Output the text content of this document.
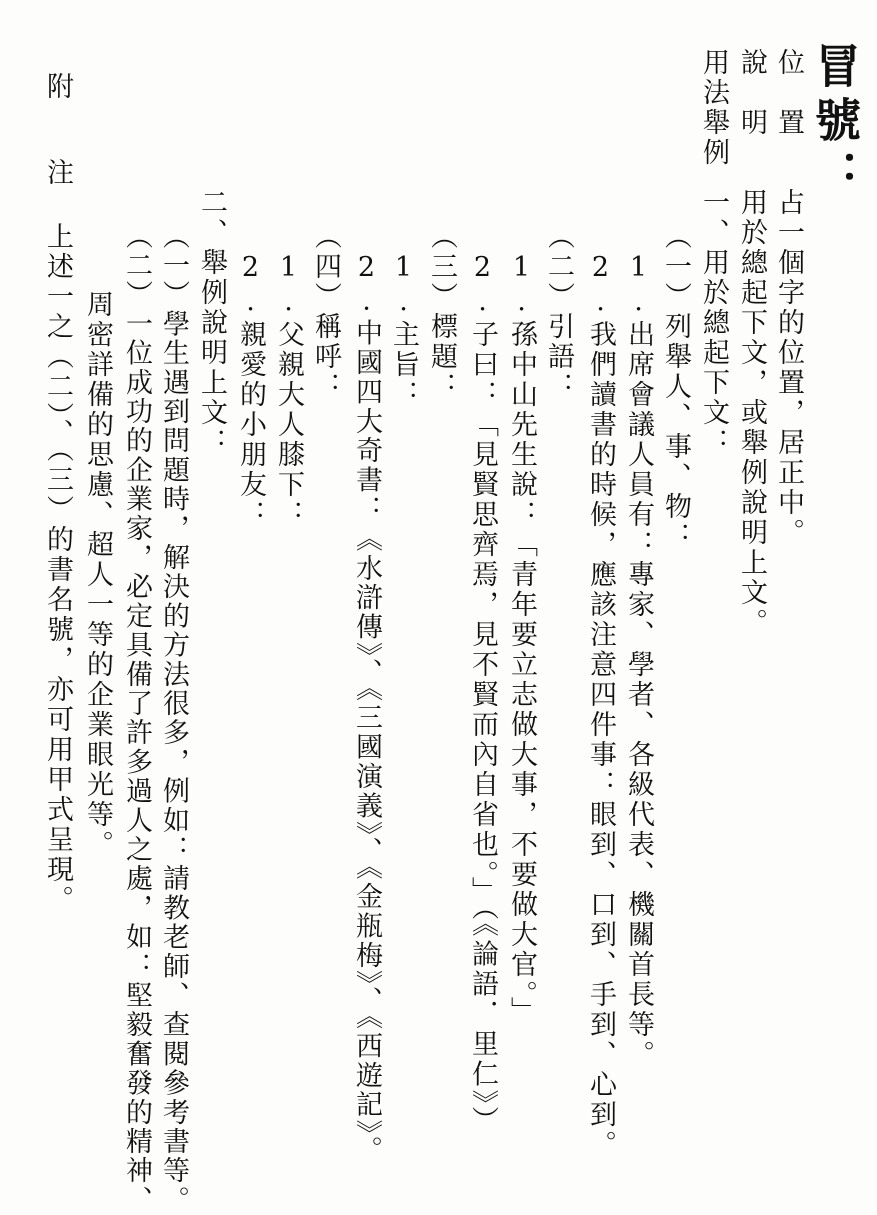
冒號：
位　置
占一個字的位置，居正中。
說　明
用於總起下文，或舉例說明上文。
用法舉例
一、用於總起下文：
（一）列舉人、事、物：
1.出席會議人員有：專家、學者、各級代表、機關首長等。
2.我們讀書的時候，應該注意四件事：眼到、口到、手到、心到。
（二）引語：
1.孫中山先生說：「青年要立志做大事，不要做大官。」
2.子曰：「見賢思齊焉，見不賢而內自省也。」（《論語．里仁》）
（三）標題：
1.主旨：
2.中國四大奇書：《水滸傳》、《三國演義》、《金瓶梅》、《西遊記》。
（四）稱呼：
1.父親大人膝下：
2.親愛的小朋友：
二、舉例說明上文：
（一）學生遇到問題時，解決的方法很多，例如：請教老師、查閱參考書等。
（二）一位成功的企業家，必定具備了許多過人之處，如：堅毅奮發的精神、
周密詳備的思慮、超人一等的企業眼光等。
附
注
上述一之（二）、（三）的書名號，亦可用甲式呈現。
